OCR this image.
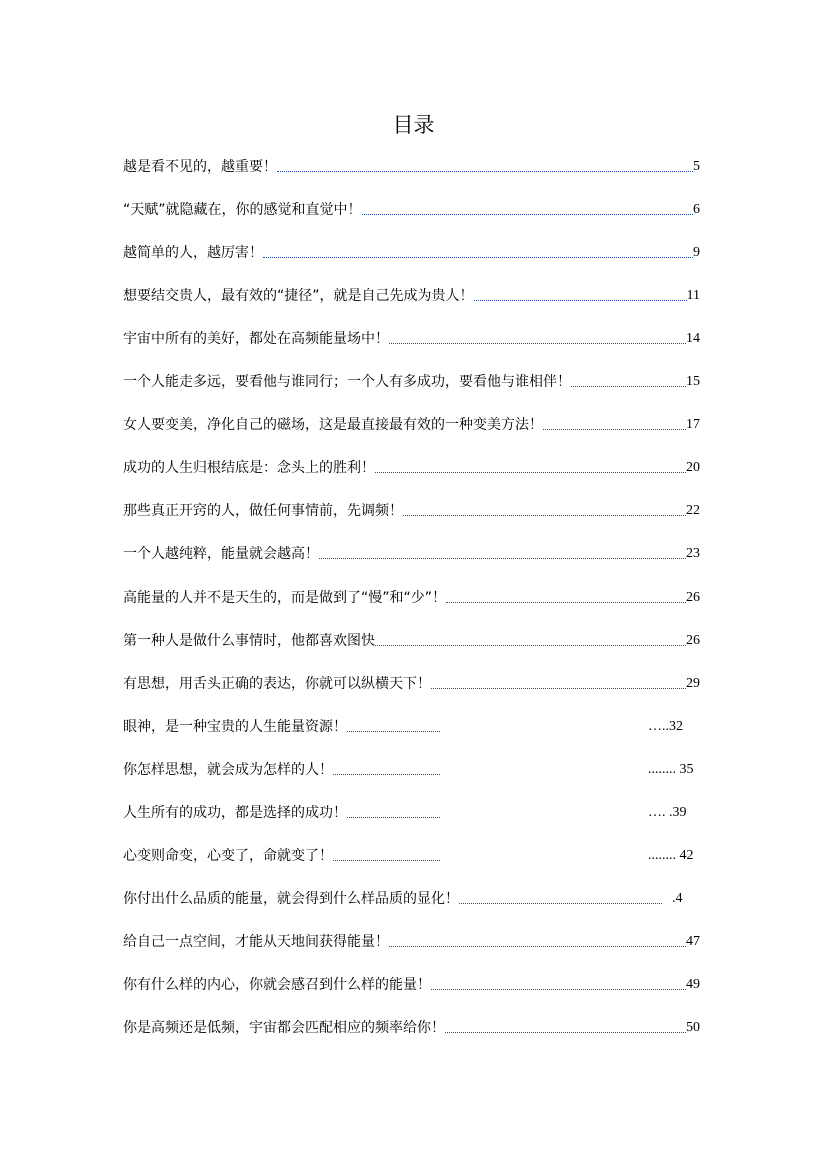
目录
越是看不见的，越重要！	5
“天赋”就隐藏在，你的感觉和直觉中！	6
越简单的人，越厉害！	9
想要结交贵人，最有效的“捷径”，就是自己先成为贵人！	11
宇宙中所有的美好，都处在高频能量场中！	14
一个人能走多远，要看他与谁同行；一个人有多成功，要看他与谁相伴！	15
女人要变美，净化自己的磁场，这是最直接最有效的一种变美方法！	17
成功的人生归根结底是：念头上的胜利！	20
那些真正开窍的人，做任何事情前，先调频！	22
一个人越纯粹，能量就会越高！	23
高能量的人并不是天生的，而是做到了“慢”和“少”！	26
第一种人是做什么事情时，他都喜欢图快	26
有思想，用舌头正确的表达，你就可以纵横天下！	29
眼神，是一种宝贵的人生能量资源！	…..32
你怎样思想，就会成为怎样的人！	........ 35
人生所有的成功，都是选择的成功！	…. .39
心变则命变，心变了，命就变了！	........ 42
你付出什么品质的能量，就会得到什么样品质的显化！	.4
给自己一点空间，才能从天地间获得能量！	47
你有什么样的内心，你就会感召到什么样的能量！	49
你是高频还是低频，宇宙都会匹配相应的频率给你！	50
